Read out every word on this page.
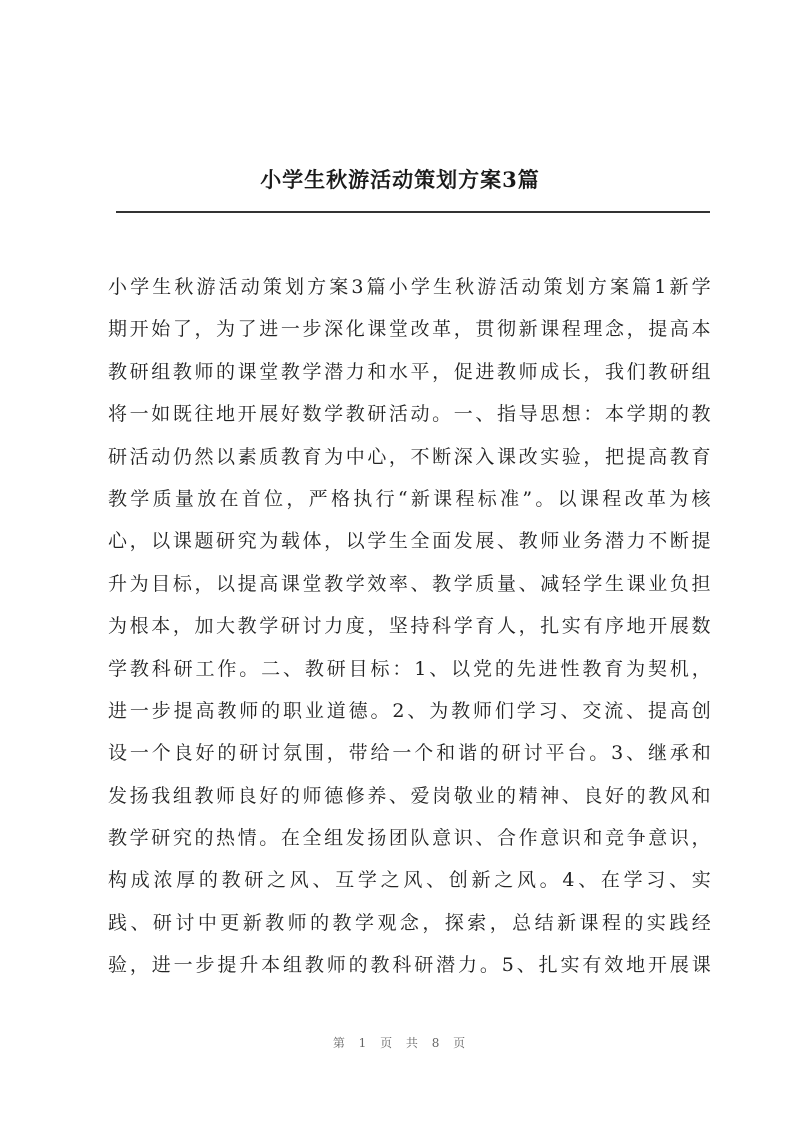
小学生秋游活动策划方案3篇
小 学 生 秋 游 活 动 策 划 方 案 3 篇 小 学 生 秋 游 活 动 策 划 方 案 篇 1 新 学
期 开 始 了 ， 为 了 进 一 步 深 化 课 堂 改 革 ， 贯 彻 新 课 程 理 念 ， 提 高 本
教 研 组 教 师 的 课 堂 教 学 潜 力 和 水 平 ， 促 进 教 师 成 长 ， 我 们 教 研 组
将 一 如 既 往 地 开 展 好 数 学 教 研 活 动 。 一 、 指 导 思 想 ： 本 学 期 的 教
研 活 动 仍 然 以 素 质 教 育 为 中 心 ， 不 断 深 入 课 改 实 验 ， 把 提 高 教 育
教 学 质 量 放 在 首 位 ， 严 格 执 行 “ 新 课 程 标 准 ” 。 以 课 程 改 革 为 核
心 ， 以 课 题 研 究 为 载 体 ， 以 学 生 全 面 发 展 、 教 师 业 务 潜 力 不 断 提
升 为 目 标 ， 以 提 高 课 堂 教 学 效 率 、 教 学 质 量 、 减 轻 学 生 课 业 负 担
为 根 本 ， 加 大 教 学 研 讨 力 度 ， 坚 持 科 学 育 人 ， 扎 实 有 序 地 开 展 数
学 教 科 研 工 作 。 二 、 教 研 目 标 ： 1 、 以 党 的 先 进 性 教 育 为 契 机 ，
进 一 步 提 高 教 师 的 职 业 道 德 。 2 、 为 教 师 们 学 习 、 交 流 、 提 高 创
设 一 个 良 好 的 研 讨 氛 围 ， 带 给 一 个 和 谐 的 研 讨 平 台 。 3 、 继 承 和
发 扬 我 组 教 师 良 好 的 师 德 修 养 、 爱 岗 敬 业 的 精 神 、 良 好 的 教 风 和
教 学 研 究 的 热 情 。 在 全 组 发 扬 团 队 意 识 、 合 作 意 识 和 竞 争 意 识 ，
构 成 浓 厚 的 教 研 之 风 、 互 学 之 风 、 创 新 之 风 。 4 、 在 学 习 、 实
践 、 研 讨 中 更 新 教 师 的 教 学 观 念 ， 探 索 ， 总 结 新 课 程 的 实 践 经
验 ， 进 一 步 提 升 本 组 教 师 的 教 科 研 潜 力 。 5 、 扎 实 有 效 地 开 展 课
第 1 页 共 8 页
